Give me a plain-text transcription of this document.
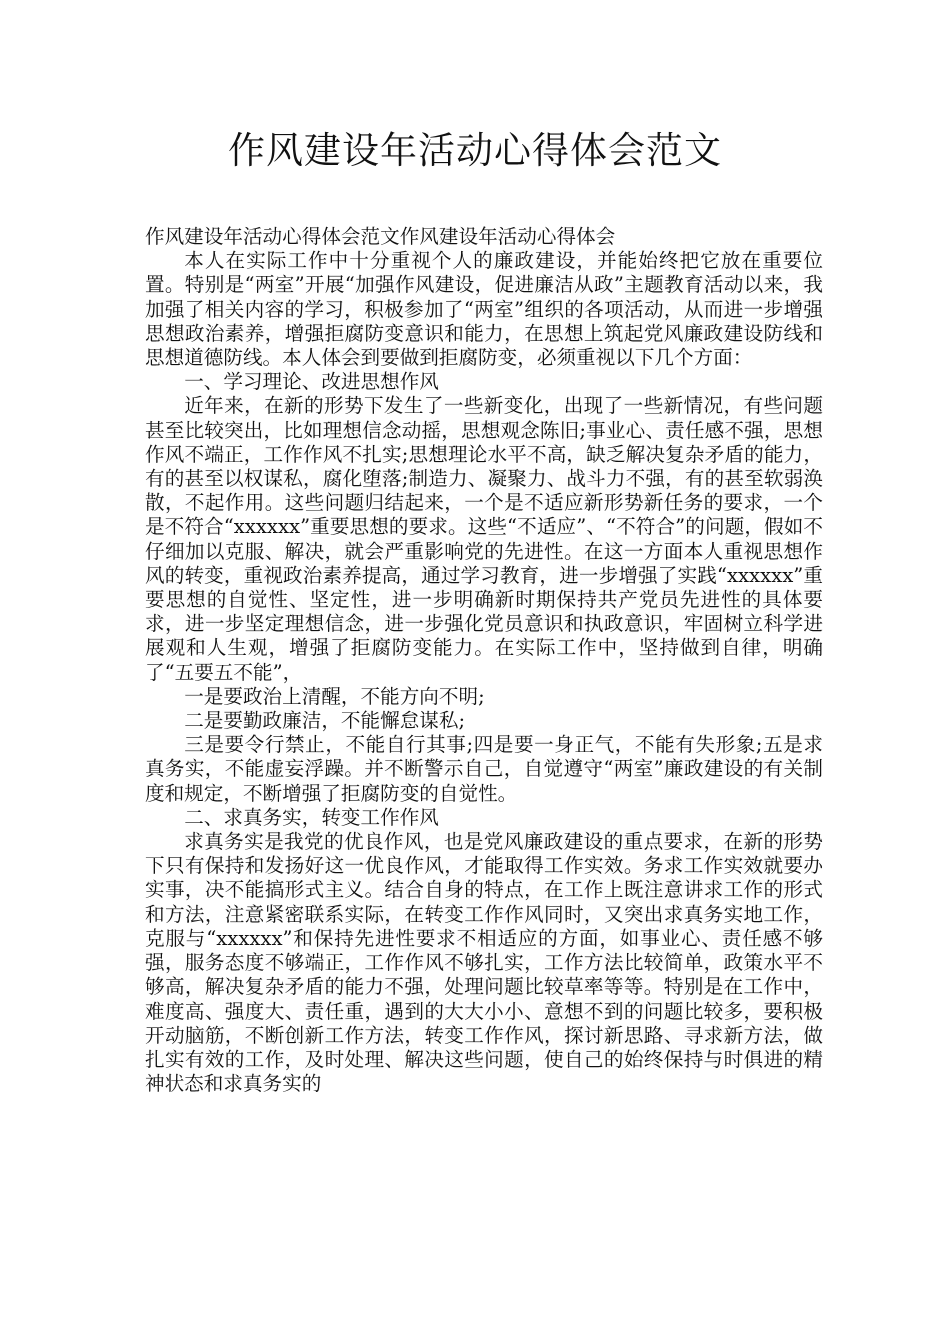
作风建设年活动心得体会范文

作风建设年活动心得体会范文作风建设年活动心得体会

本人在实际工作中十分重视个人的廉政建设，并能始终把它放在重要位置。特别是“两室”开展“加强作风建设，促进廉洁从政”主题教育活动以来，我加强了相关内容的学习，积极参加了“两室”组织的各项活动，从而进一步增强思想政治素养，增强拒腐防变意识和能力，在思想上筑起党风廉政建设防线和思想道德防线。本人体会到要做到拒腐防变，必须重视以下几个方面：

一、学习理论、改进思想作风

近年来，在新的形势下发生了一些新变化，出现了一些新情况，有些问题甚至比较突出，比如理想信念动摇，思想观念陈旧;事业心、责任感不强，思想作风不端正，工作作风不扎实;思想理论水平不高，缺乏解决复杂矛盾的能力，有的甚至以权谋私，腐化堕落;制造力、凝聚力、战斗力不强，有的甚至软弱涣散，不起作用。这些问题归结起来，一个是不适应新形势新任务的要求，一个是不符合“xxxxxx”重要思想的要求。这些“不适应”、“不符合”的问题，假如不仔细加以克服、解决，就会严重影响党的先进性。在这一方面本人重视思想作风的转变，重视政治素养提高，通过学习教育，进一步增强了实践“xxxxxx”重要思想的自觉性、坚定性，进一步明确新时期保持共产党员先进性的具体要求，进一步坚定理想信念，进一步强化党员意识和执政意识，牢固树立科学进展观和人生观，增强了拒腐防变能力。在实际工作中，坚持做到自律，明确了“五要五不能”，

一是要政治上清醒，不能方向不明;

二是要勤政廉洁，不能懈怠谋私;

三是要令行禁止，不能自行其事;四是要一身正气，不能有失形象;五是求真务实，不能虚妄浮躁。并不断警示自己，自觉遵守“两室”廉政建设的有关制度和规定，不断增强了拒腐防变的自觉性。

二、求真务实，转变工作作风

求真务实是我党的优良作风，也是党风廉政建设的重点要求，在新的形势下只有保持和发扬好这一优良作风，才能取得工作实效。务求工作实效就要办实事，决不能搞形式主义。结合自身的特点，在工作上既注意讲求工作的形式和方法，注意紧密联系实际，在转变工作作风同时，又突出求真务实地工作，克服与“xxxxxx”和保持先进性要求不相适应的方面，如事业心、责任感不够强，服务态度不够端正，工作作风不够扎实，工作方法比较简单，政策水平不够高，解决复杂矛盾的能力不强，处理问题比较草率等等。特别是在工作中，难度高、强度大、责任重，遇到的大大小小、意想不到的问题比较多，要积极开动脑筋，不断创新工作方法，转变工作作风，探讨新思路、寻求新方法，做扎实有效的工作，及时处理、解决这些问题，使自己的始终保持与时俱进的精神状态和求真务实的
